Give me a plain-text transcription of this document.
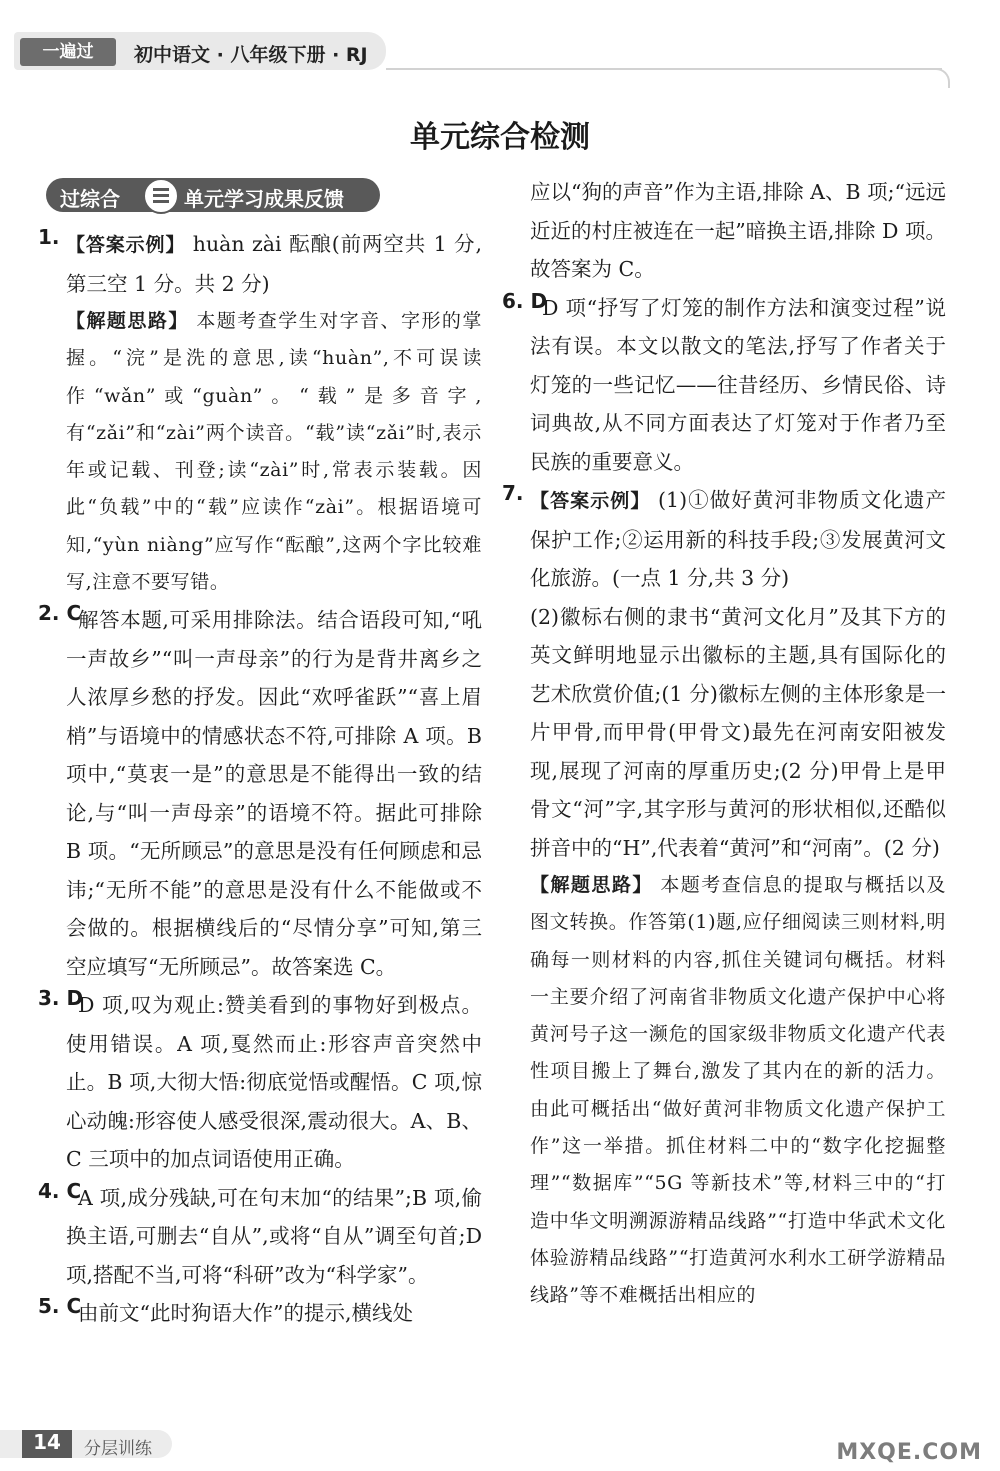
一遍过	初中语文 · 八年级下册 · RJ
单元综合检测
过综合	单元学习成果反馈
1. 【答案示例】 huàn zài 酝酿(前两空共 1 分,第三空 1 分。共 2 分)
【解题思路】 本题考查学生对字音、字形的掌握。“浣”是洗的意思,读“huàn”,不可误读作“wǎn”或“guàn”。“载”是多音字,有“zǎi”和“zài”两个读音。“载”读“zǎi”时,表示年或记载、刊登;读“zài”时,常表示装载。因此“负载”中的“载”应读作“zài”。根据语境可知,“yùn niàng”应写作“酝酿”,这两个字比较难写,注意不要写错。
2. C
解答本题,可采用排除法。结合语段可知,“吼一声故乡”“叫一声母亲”的行为是背井离乡之人浓厚乡愁的抒发。因此“欢呼雀跃”“喜上眉梢”与语境中的情感状态不符,可排除 A 项。B 项中,“莫衷一是”的意思是不能得出一致的结论,与“叫一声母亲”的语境不符。据此可排除 B 项。“无所顾忌”的意思是没有任何顾虑和忌讳;“无所不能”的意思是没有什么不能做或不会做的。根据横线后的“尽情分享”可知,第三空应填写“无所顾忌”。故答案选 C。
3. D
D 项,叹为观止:赞美看到的事物好到极点。使用错误。A 项,戛然而止:形容声音突然中止。B 项,大彻大悟:彻底觉悟或醒悟。C 项,惊心动魄:形容使人感受很深,震动很大。A、B、C 三项中的加点词语使用正确。
4. C
A 项,成分残缺,可在句末加“的结果”;B 项,偷换主语,可删去“自从”,或将“自从”调至句首;D 项,搭配不当,可将“科研”改为“科学家”。
5. C
由前文“此时狗语大作”的提示,横线处
应以“狗的声音”作为主语,排除 A、B 项;“远远近近的村庄被连在一起”暗换主语,排除 D 项。故答案为 C。
6. D
D 项“抒写了灯笼的制作方法和演变过程”说法有误。本文以散文的笔法,抒写了作者关于灯笼的一些记忆——往昔经历、乡情民俗、诗词典故,从不同方面表达了灯笼对于作者乃至民族的重要意义。
7. 【答案示例】 (1)①做好黄河非物质文化遗产保护工作;②运用新的科技手段;③发展黄河文化旅游。(一点 1 分,共 3 分)
(2)徽标右侧的隶书“黄河文化月”及其下方的英文鲜明地显示出徽标的主题,具有国际化的艺术欣赏价值;(1 分)徽标左侧的主体形象是一片甲骨,而甲骨(甲骨文)最先在河南安阳被发现,展现了河南的厚重历史;(2 分)甲骨上是甲骨文“河”字,其字形与黄河的形状相似,还酷似拼音中的“H”,代表着“黄河”和“河南”。(2 分)
【解题思路】 本题考查信息的提取与概括以及图文转换。作答第(1)题,应仔细阅读三则材料,明确每一则材料的内容,抓住关键词句概括。材料一主要介绍了河南省非物质文化遗产保护中心将黄河号子这一濒危的国家级非物质文化遗产代表性项目搬上了舞台,激发了其内在的新的活力。由此可概括出“做好黄河非物质文化遗产保护工作”这一举措。抓住材料二中的“数字化挖掘整理”“数据库”“5G 等新技术”等,材料三中的“打造中华文明溯源游精品线路”“打造中华武术文化体验游精品线路”“打造黄河水利水工研学游精品线路”等不难概括出相应的
14	分层训练	MXQE.COM
